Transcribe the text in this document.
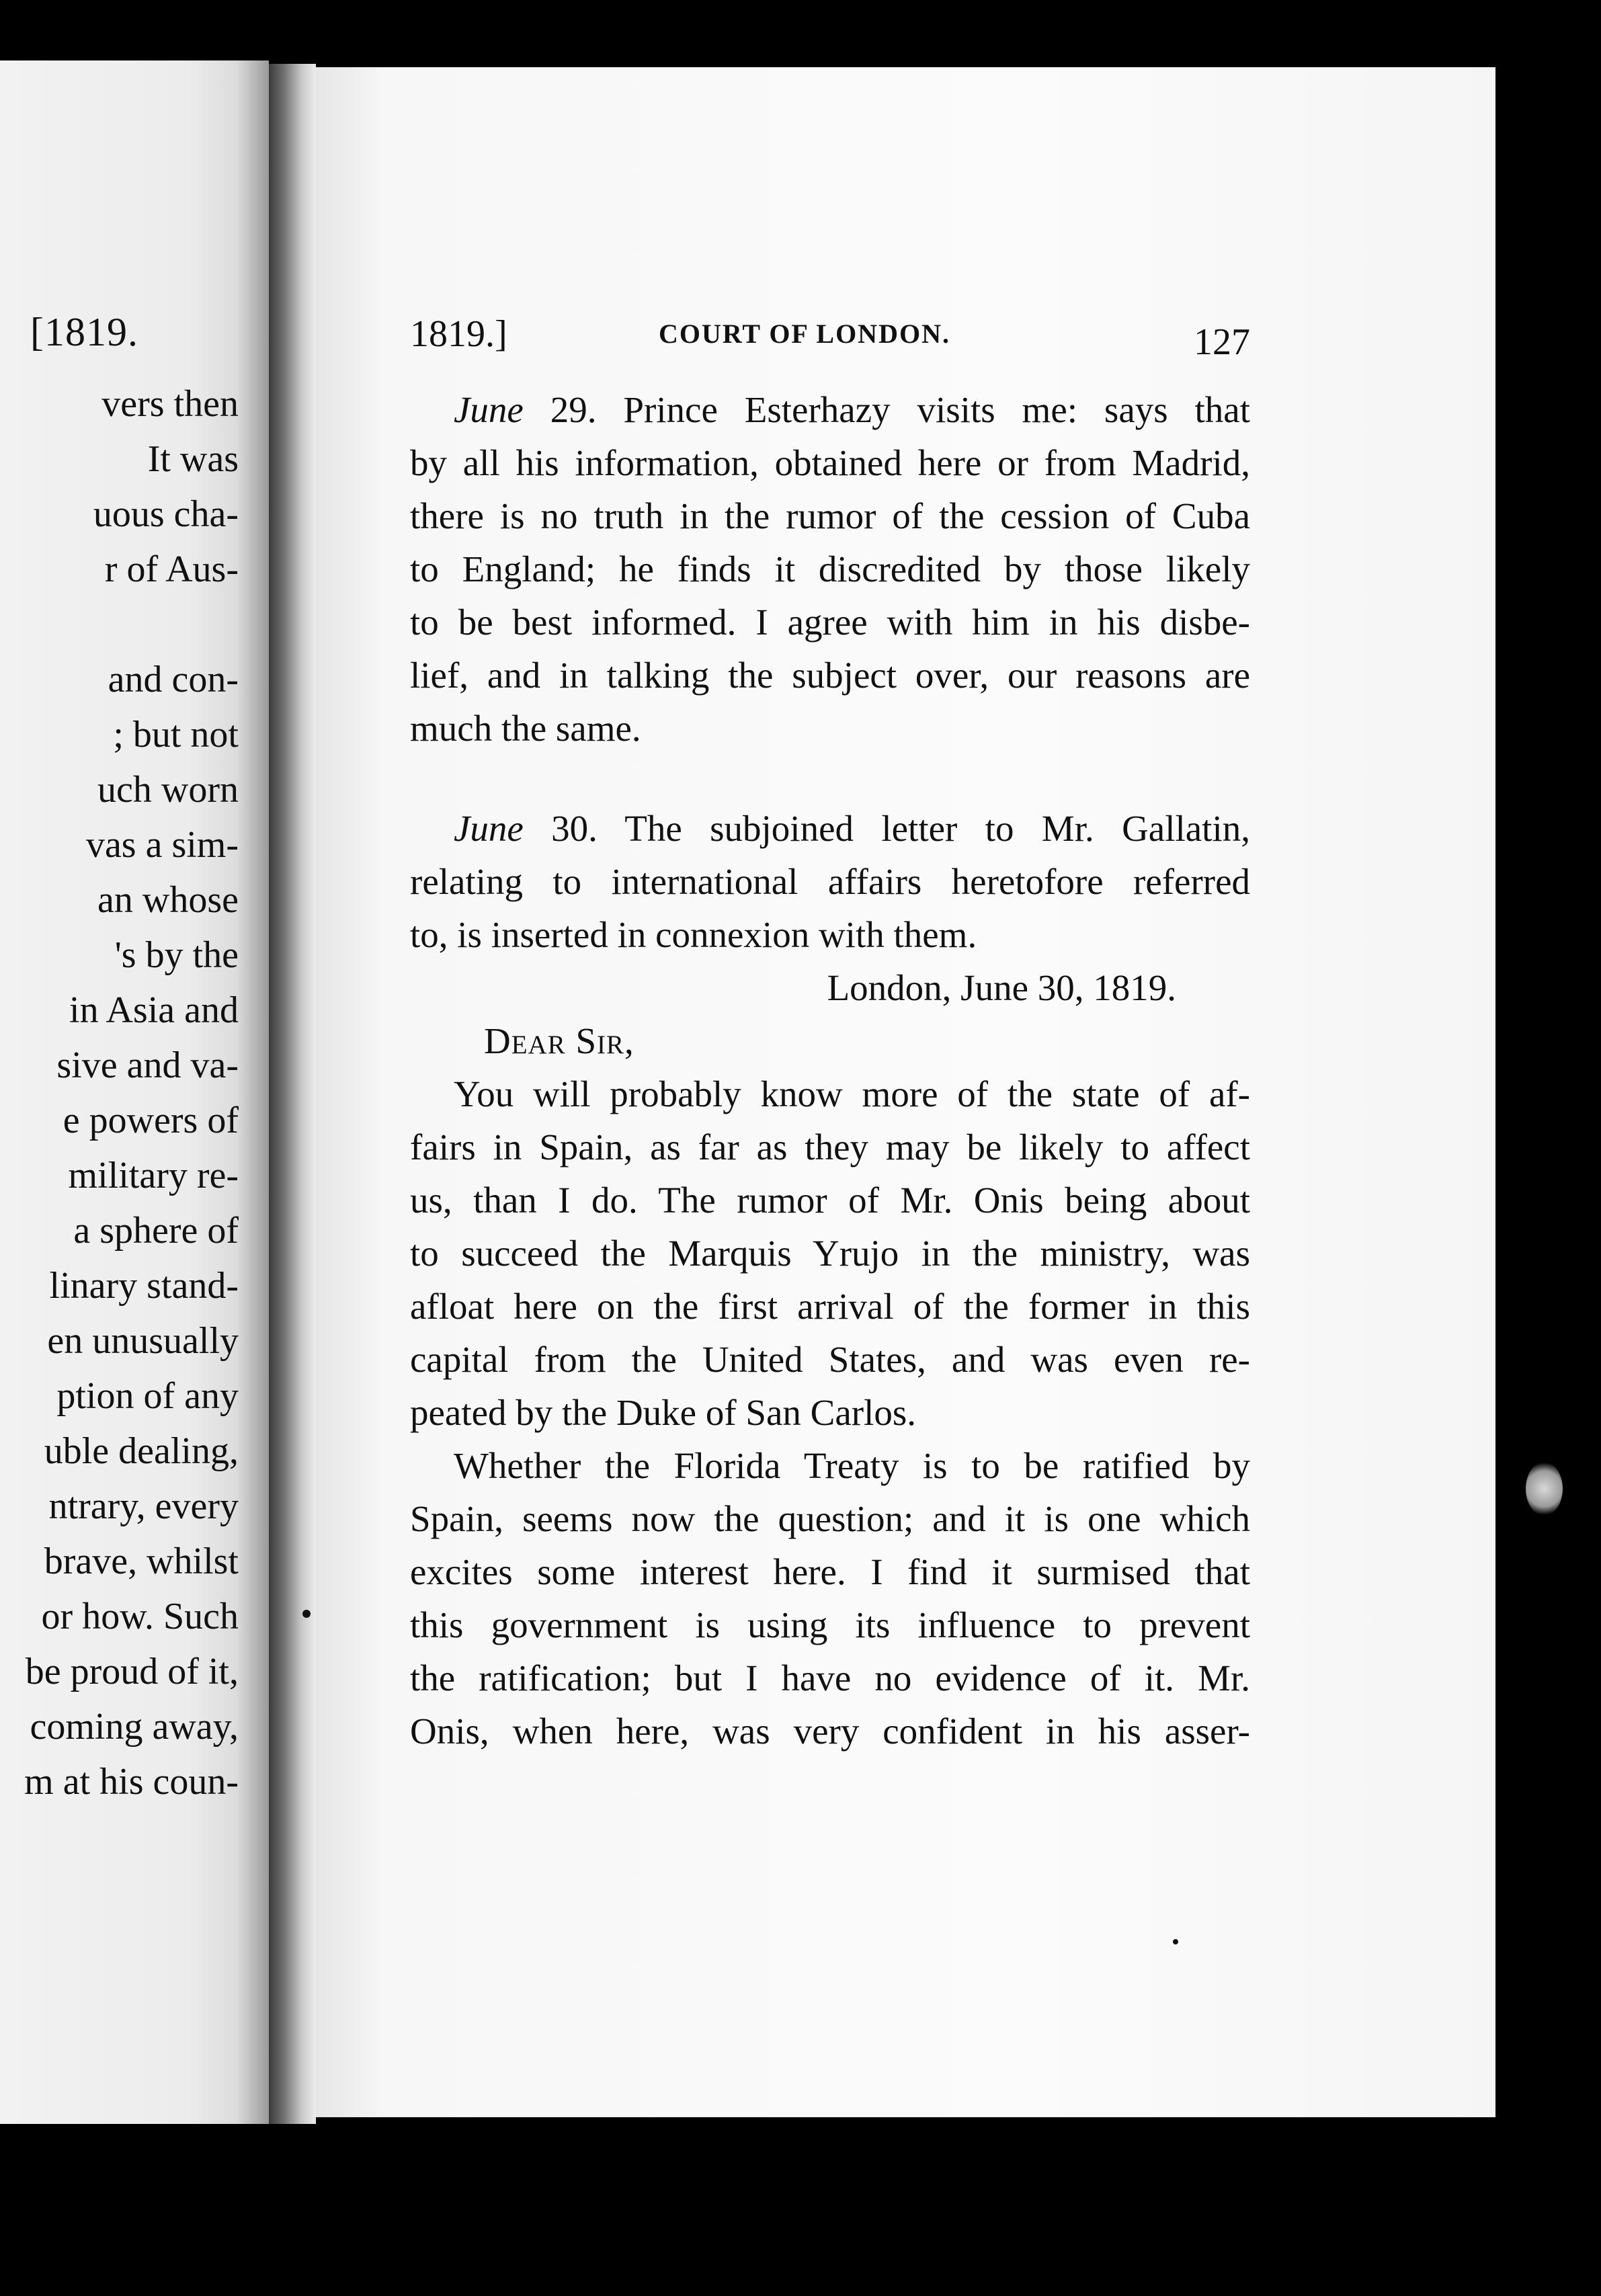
[1819.
vers then
It was
uous cha-
r of Aus-
and con-
; but not
uch worn
vas a sim-
an whose
's by the
in Asia and
sive and va-
e powers of
military re-
a sphere of
linary stand-
en unusually
ption of any
uble dealing,
ntrary, every
brave, whilst
or how. Such
be proud of it,
coming away,
m at his coun-
1819.]	COURT OF LONDON.	127
June 29. Prince Esterhazy visits me: says that
by all his information, obtained here or from Madrid,
there is no truth in the rumor of the cession of Cuba
to England; he finds it discredited by those likely
to be best informed. I agree with him in his disbe-
lief, and in talking the subject over, our reasons are
much the same.
June 30. The subjoined letter to Mr. Gallatin,
relating to international affairs heretofore referred
to, is inserted in connexion with them.
London, June 30, 1819.
Dear Sir,
You will probably know more of the state of af-
fairs in Spain, as far as they may be likely to affect
us, than I do. The rumor of Mr. Onis being about
to succeed the Marquis Yrujo in the ministry, was
afloat here on the first arrival of the former in this
capital from the United States, and was even re-
peated by the Duke of San Carlos.
Whether the Florida Treaty is to be ratified by
Spain, seems now the question; and it is one which
excites some interest here. I find it surmised that
this government is using its influence to prevent
the ratification; but I have no evidence of it. Mr.
Onis, when here, was very confident in his asser-
